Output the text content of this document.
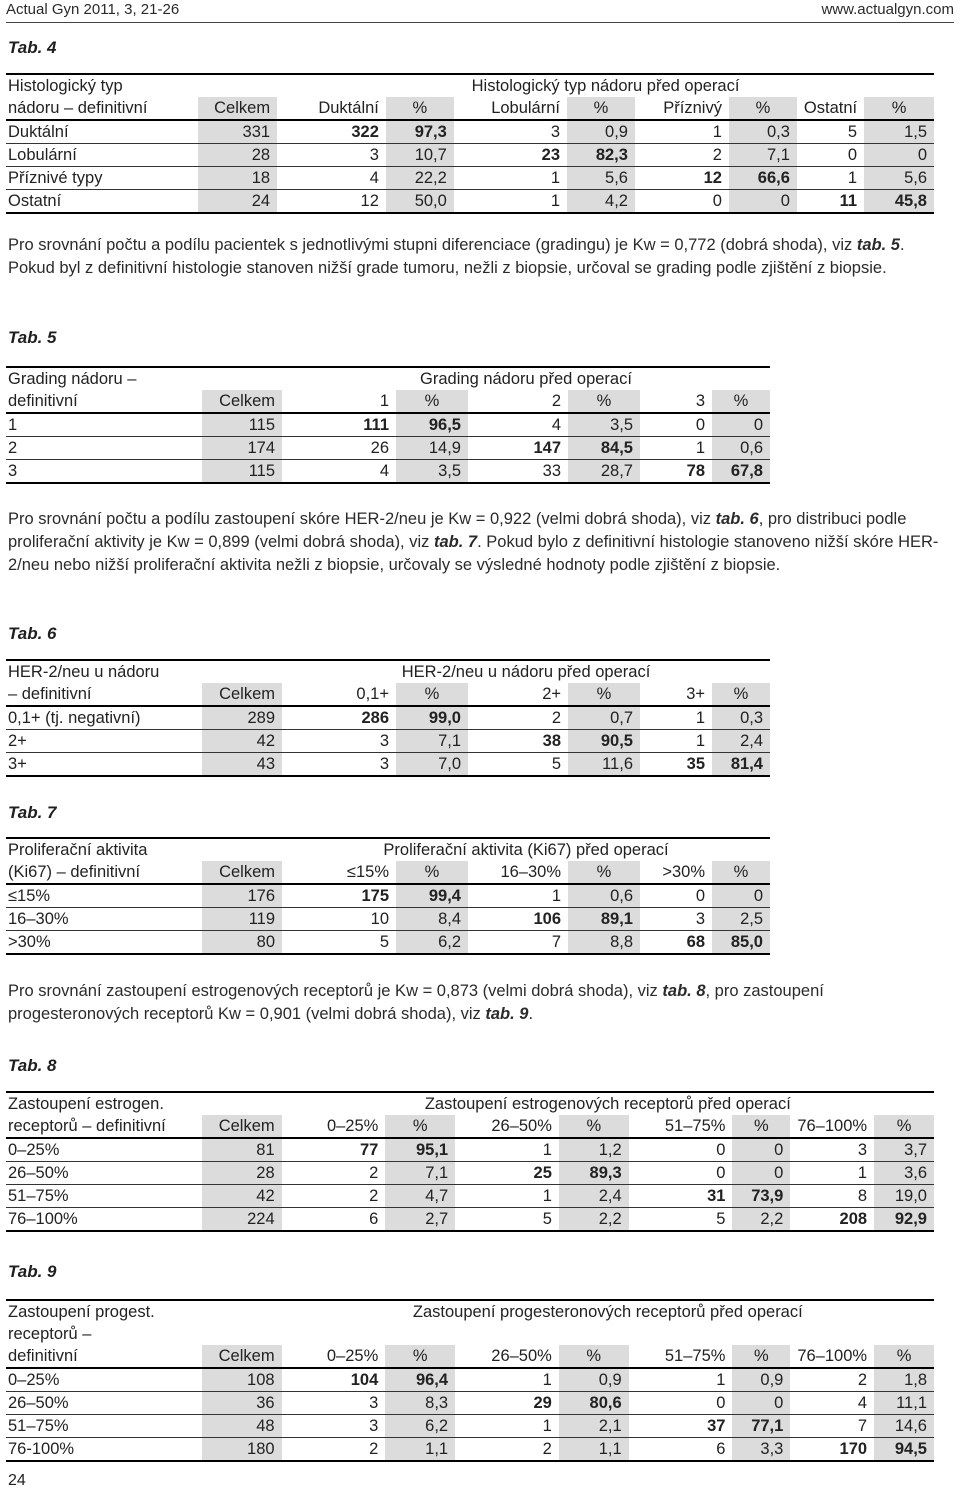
Actual Gyn 2011, 3, 21-26	www.actualgyn.com
Tab. 4
Histologický typ		Histologický typ nádoru před operací							
nádoru – definitivní	Celkem	Duktální	%	Lobulární	%	Příznivý	%	Ostatní	%
Duktální	331	322	97,3	3	0,9	1	0,3	5	1,5
Lobulární	28	3	10,7	23	82,3	2	7,1	0	0
Příznivé typy	18	4	22,2	1	5,6	12	66,6	1	5,6
Ostatní	24	12	50,0	1	4,2	0	0	11	45,8

Pro srovnání počtu a podílu pacientek s jednotlivými stupni diferenciace (gradingu) je Kw = 0,772 (dobrá shoda), viz tab. 5. Pokud byl z definitivní histologie stanoven nižší grade tumoru, nežli z biopsie, určoval se grading podle zjištění z biopsie.

Tab. 5
Grading nádoru –		Grading nádoru před operací					
definitivní	Celkem	1	%	2	%	3	%
1	115	111	96,5	4	3,5	0	0
2	174	26	14,9	147	84,5	1	0,6
3	115	4	3,5	33	28,7	78	67,8

Pro srovnání počtu a podílu zastoupení skóre HER-2/neu je Kw = 0,922 (velmi dobrá shoda), viz tab. 6, pro distribuci podle proliferační aktivity je Kw = 0,899 (velmi dobrá shoda), viz tab. 7. Pokud bylo z definitivní histologie stanoveno nižší skóre HER-2/neu nebo nižší proliferační aktivita nežli z biopsie, určovaly se výsledné hodnoty podle zjištění z biopsie.

Tab. 6
HER-2/neu u nádoru		HER-2/neu u nádoru před operací					
– definitivní	Celkem	0,1+	%	2+	%	3+	%
0,1+ (tj. negativní)	289	286	99,0	2	0,7	1	0,3
2+	42	3	7,1	38	90,5	1	2,4
3+	43	3	7,0	5	11,6	35	81,4
Tab. 7
Proliferační aktivita		Proliferační aktivita (Ki67) před operací					
(Ki67) – definitivní	Celkem	≤15%	%	16–30%	%	>30%	%
≤15%	176	175	99,4	1	0,6	0	0
16–30%	119	10	8,4	106	89,1	3	2,5
>30%	80	5	6,2	7	8,8	68	85,0

Pro srovnání zastoupení estrogenových receptorů je Kw = 0,873 (velmi dobrá shoda), viz tab. 8, pro zastoupení progesteronových receptorů Kw = 0,901 (velmi dobrá shoda), viz tab. 9.

Tab. 8
Zastoupení estrogen.		Zastoupení estrogenových receptorů před operací							
receptorů – definitivní	Celkem	0–25%	%	26–50%	%	51–75%	%	76–100%	%
0–25%	81	77	95,1	1	1,2	0	0	3	3,7
26–50%	28	2	7,1	25	89,3	0	0	1	3,6
51–75%	42	2	4,7	1	2,4	31	73,9	8	19,0
76–100%	224	6	2,7	5	2,2	5	2,2	208	92,9
Tab. 9
Zastoupení progest.		Zastoupení progesteronových receptorů před operací							
receptorů –									
definitivní	Celkem	0–25%	%	26–50%	%	51–75%	%	76–100%	%
0–25%	108	104	96,4	1	0,9	1	0,9	2	1,8
26–50%	36	3	8,3	29	80,6	0	0	4	11,1
51–75%	48	3	6,2	1	2,1	37	77,1	7	14,6
76-100%	180	2	1,1	2	1,1	6	3,3	170	94,5
24
